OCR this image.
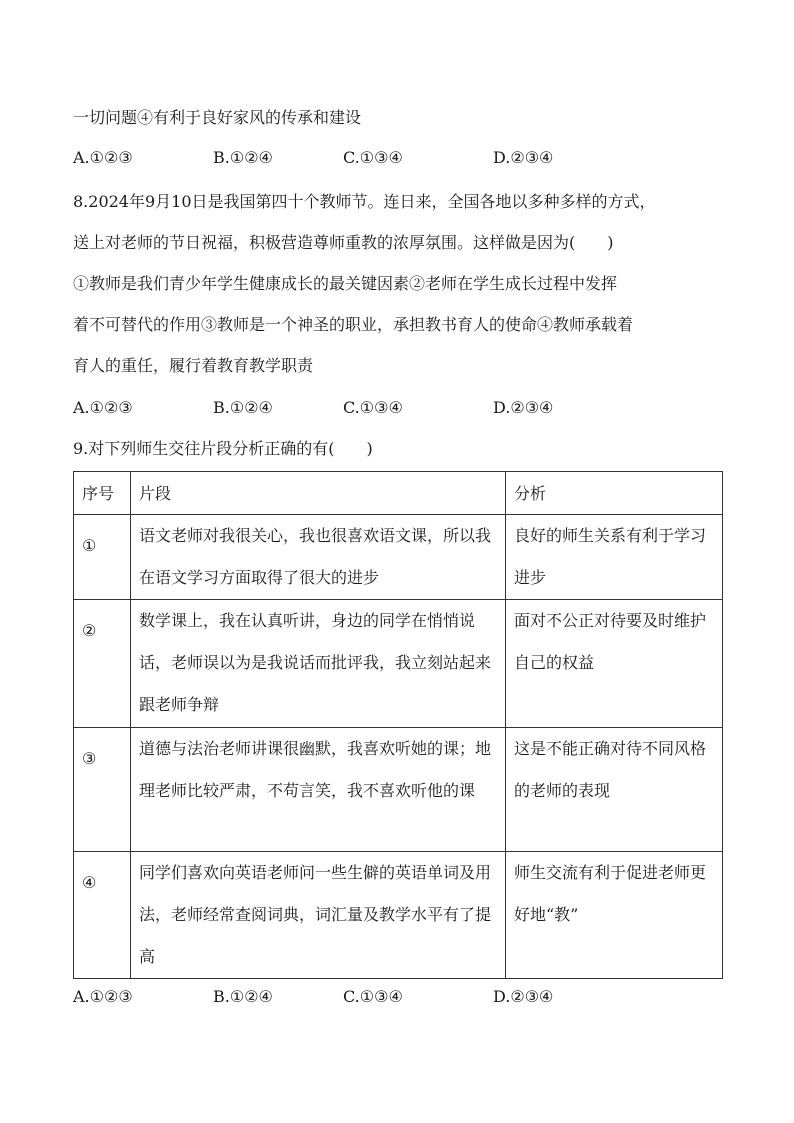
一切问题④有利于良好家风的传承和建设
A.①②③	B.①②④	C.①③④	D.②③④
8.2024年9月10日是我国第四十个教师节。连日来，全国各地以多种多样的方式，
送上对老师的节日祝福，积极营造尊师重教的浓厚氛围。这样做是因为(　　)
①教师是我们青少年学生健康成长的最关键因素②老师在学生成长过程中发挥
着不可替代的作用③教师是一个神圣的职业，承担教书育人的使命④教师承载着
育人的重任，履行着教育教学职责
A.①②③	B.①②④	C.①③④	D.②③④
9.对下列师生交往片段分析正确的有(　　)
序号	片段	分析
①	语文老师对我很关心，我也很喜欢语文课，所以我在语文学习方面取得了很大的进步	良好的师生关系有利于学习进步

②	数学课上，我在认真听讲，身边的同学在悄悄说话，老师误以为是我说话而批评我，我立刻站起来跟老师争辩	面对不公正对待要及时维护自己的权益

③	道德与法治老师讲课很幽默，我喜欢听她的课；地理老师比较严肃，不苟言笑，我不喜欢听他的课	这是不能正确对待不同风格的老师的表现

④	同学们喜欢向英语老师问一些生僻的英语单词及用法，老师经常查阅词典，词汇量及教学水平有了提高	师生交流有利于促进老师更好地“教”
A.①②③	B.①②④	C.①③④	D.②③④
